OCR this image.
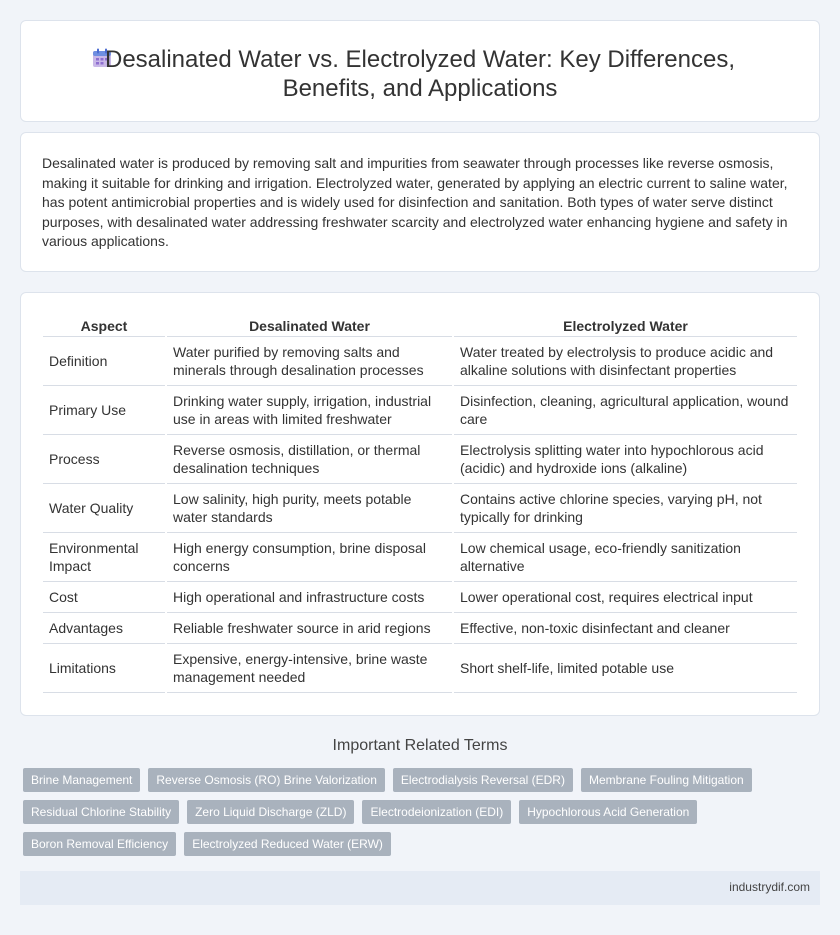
Desalinated Water vs. Electrolyzed Water: Key Differences,
Benefits, and Applications

Desalinated water is produced by removing salt and impurities from seawater through processes like reverse osmosis, making it suitable for drinking and irrigation. Electrolyzed water, generated by applying an electric current to saline water, has potent antimicrobial properties and is widely used for disinfection and sanitation. Both types of water serve distinct purposes, with desalinated water addressing freshwater scarcity and electrolyzed water enhancing hygiene and safety in various applications.

Aspect	Desalinated Water	Electrolyzed Water
Definition	Water purified by removing salts and minerals through desalination processes	Water treated by electrolysis to produce acidic and alkaline solutions with disinfectant properties
Primary Use	Drinking water supply, irrigation, industrial use in areas with limited freshwater	Disinfection, cleaning, agricultural application, wound care
Process	Reverse osmosis, distillation, or thermal desalination techniques	Electrolysis splitting water into hypochlorous acid (acidic) and hydroxide ions (alkaline)
Water Quality	Low salinity, high purity, meets potable water standards	Contains active chlorine species, varying pH, not typically for drinking
Environmental Impact	High energy consumption, brine disposal concerns	Low chemical usage, eco-friendly sanitization alternative
Cost	High operational and infrastructure costs	Lower operational cost, requires electrical input
Advantages	Reliable freshwater source in arid regions	Effective, non-toxic disinfectant and cleaner
Limitations	Expensive, energy-intensive, brine waste management needed	Short shelf-life, limited potable use
Important Related Terms
Brine Management	Reverse Osmosis (RO) Brine Valorization	Electrodialysis Reversal (EDR)	Membrane Fouling Mitigation
Residual Chlorine Stability	Zero Liquid Discharge (ZLD)	Electrodeionization (EDI)	Hypochlorous Acid Generation
Boron Removal Efficiency	Electrolyzed Reduced Water (ERW)
industrydif.com
